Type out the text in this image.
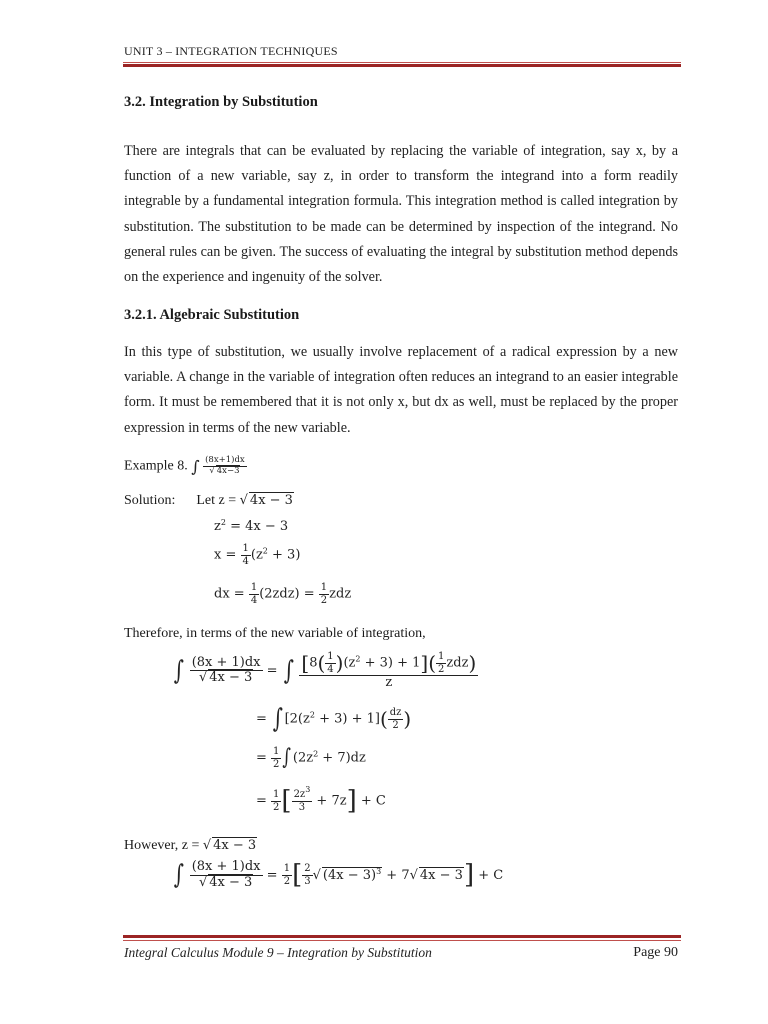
UNIT 3 – INTEGRATION TECHNIQUES
3.2. Integration by Substitution
There are integrals that can be evaluated by replacing the variable of integration, say x, by a function of a new variable, say z, in order to transform the integrand into a form readily integrable by a fundamental integration formula. This integration method is called integration by substitution. The substitution to be made can be determined by inspection of the integrand. No general rules can be given. The success of evaluating the integral by substitution method depends on the experience and ingenuity of the solver.
3.2.1. Algebraic Substitution
In this type of substitution, we usually involve replacement of a radical expression by a new variable. A change in the variable of integration often reduces an integrand to an easier integrable form. It must be remembered that it is not only x, but dx as well, must be replaced by the proper expression in terms of the new variable.
Example 8. ∫ $\frac{(8x+1)dx}{√ 4x-3}$
Solution: Let z = √ 4x − 3
$z^2 = 4x - 3$
$x = \frac{1}{4} (z^2 + 3)$
dx = $\frac{1}{4} (2zdz) = \frac{1}{2}$ zdz
Therefore, in terms of the new variable of integration,
∫ $\frac{(8x + 1)dx}{√ 4x - 3}$ = ∫ $\frac{[8( \frac{1}{4} )(z^2 + 3) + 1]( \frac{1}{2} zdz)}{z}$
= ∫ $[2(z^2 + 3) + 1]( \frac{dz}{2}$ )
= $\frac{1}{2} \int(2z^2 + 7)dz$
= $\frac{1}{2}$ [ $\frac{2z^3}{3} + 7z] + C$
However, z = √ 4x − 3
∫ $\frac{(8x + 1)dx}{√ 4x - 3} = \frac{1}{2}$ [ $\frac{2}{3}$ √ $(4x - 3)^3 + 7√$ 4x − 3] + C
Integral Calculus Module 9 – Integration by Substitution	Page 90
